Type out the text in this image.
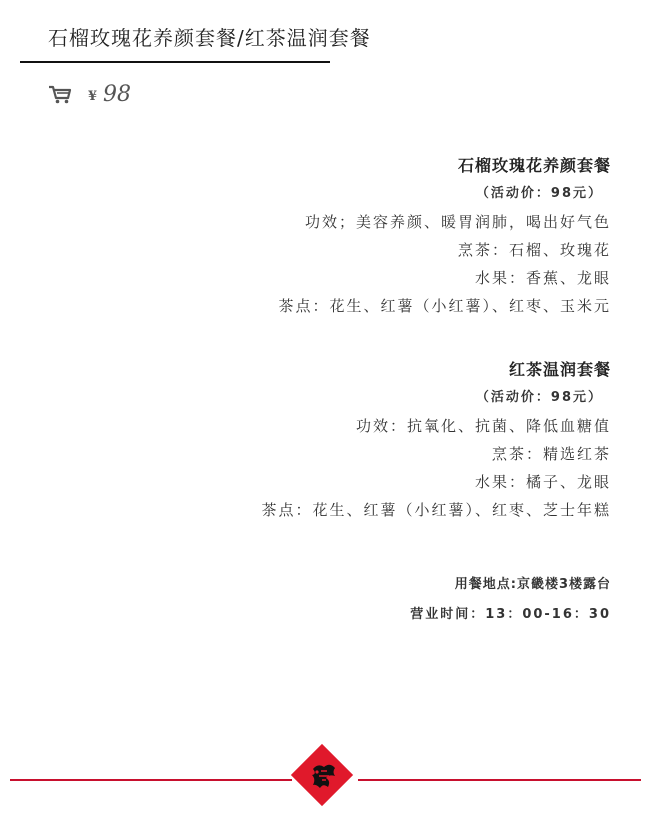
石榴玫瑰花养颜套餐/红茶温润套餐
¥ 98
石榴玫瑰花养颜套餐
（活动价：98元）
功效；美容养颜、暖胃润肺，喝出好气色
烹茶：石榴、玫瑰花
水果：香蕉、龙眼
茶点：花生、红薯（小红薯）、红枣、玉米元
红茶温润套餐
（活动价：98元）
功效：抗氧化、抗菌、降低血糖值
烹茶：精选红茶
水果：橘子、龙眼
茶点：花生、红薯（小红薯）、红枣、芝士年糕
用餐地点:京畿楼3楼露台
营业时间：13：00-16：30
